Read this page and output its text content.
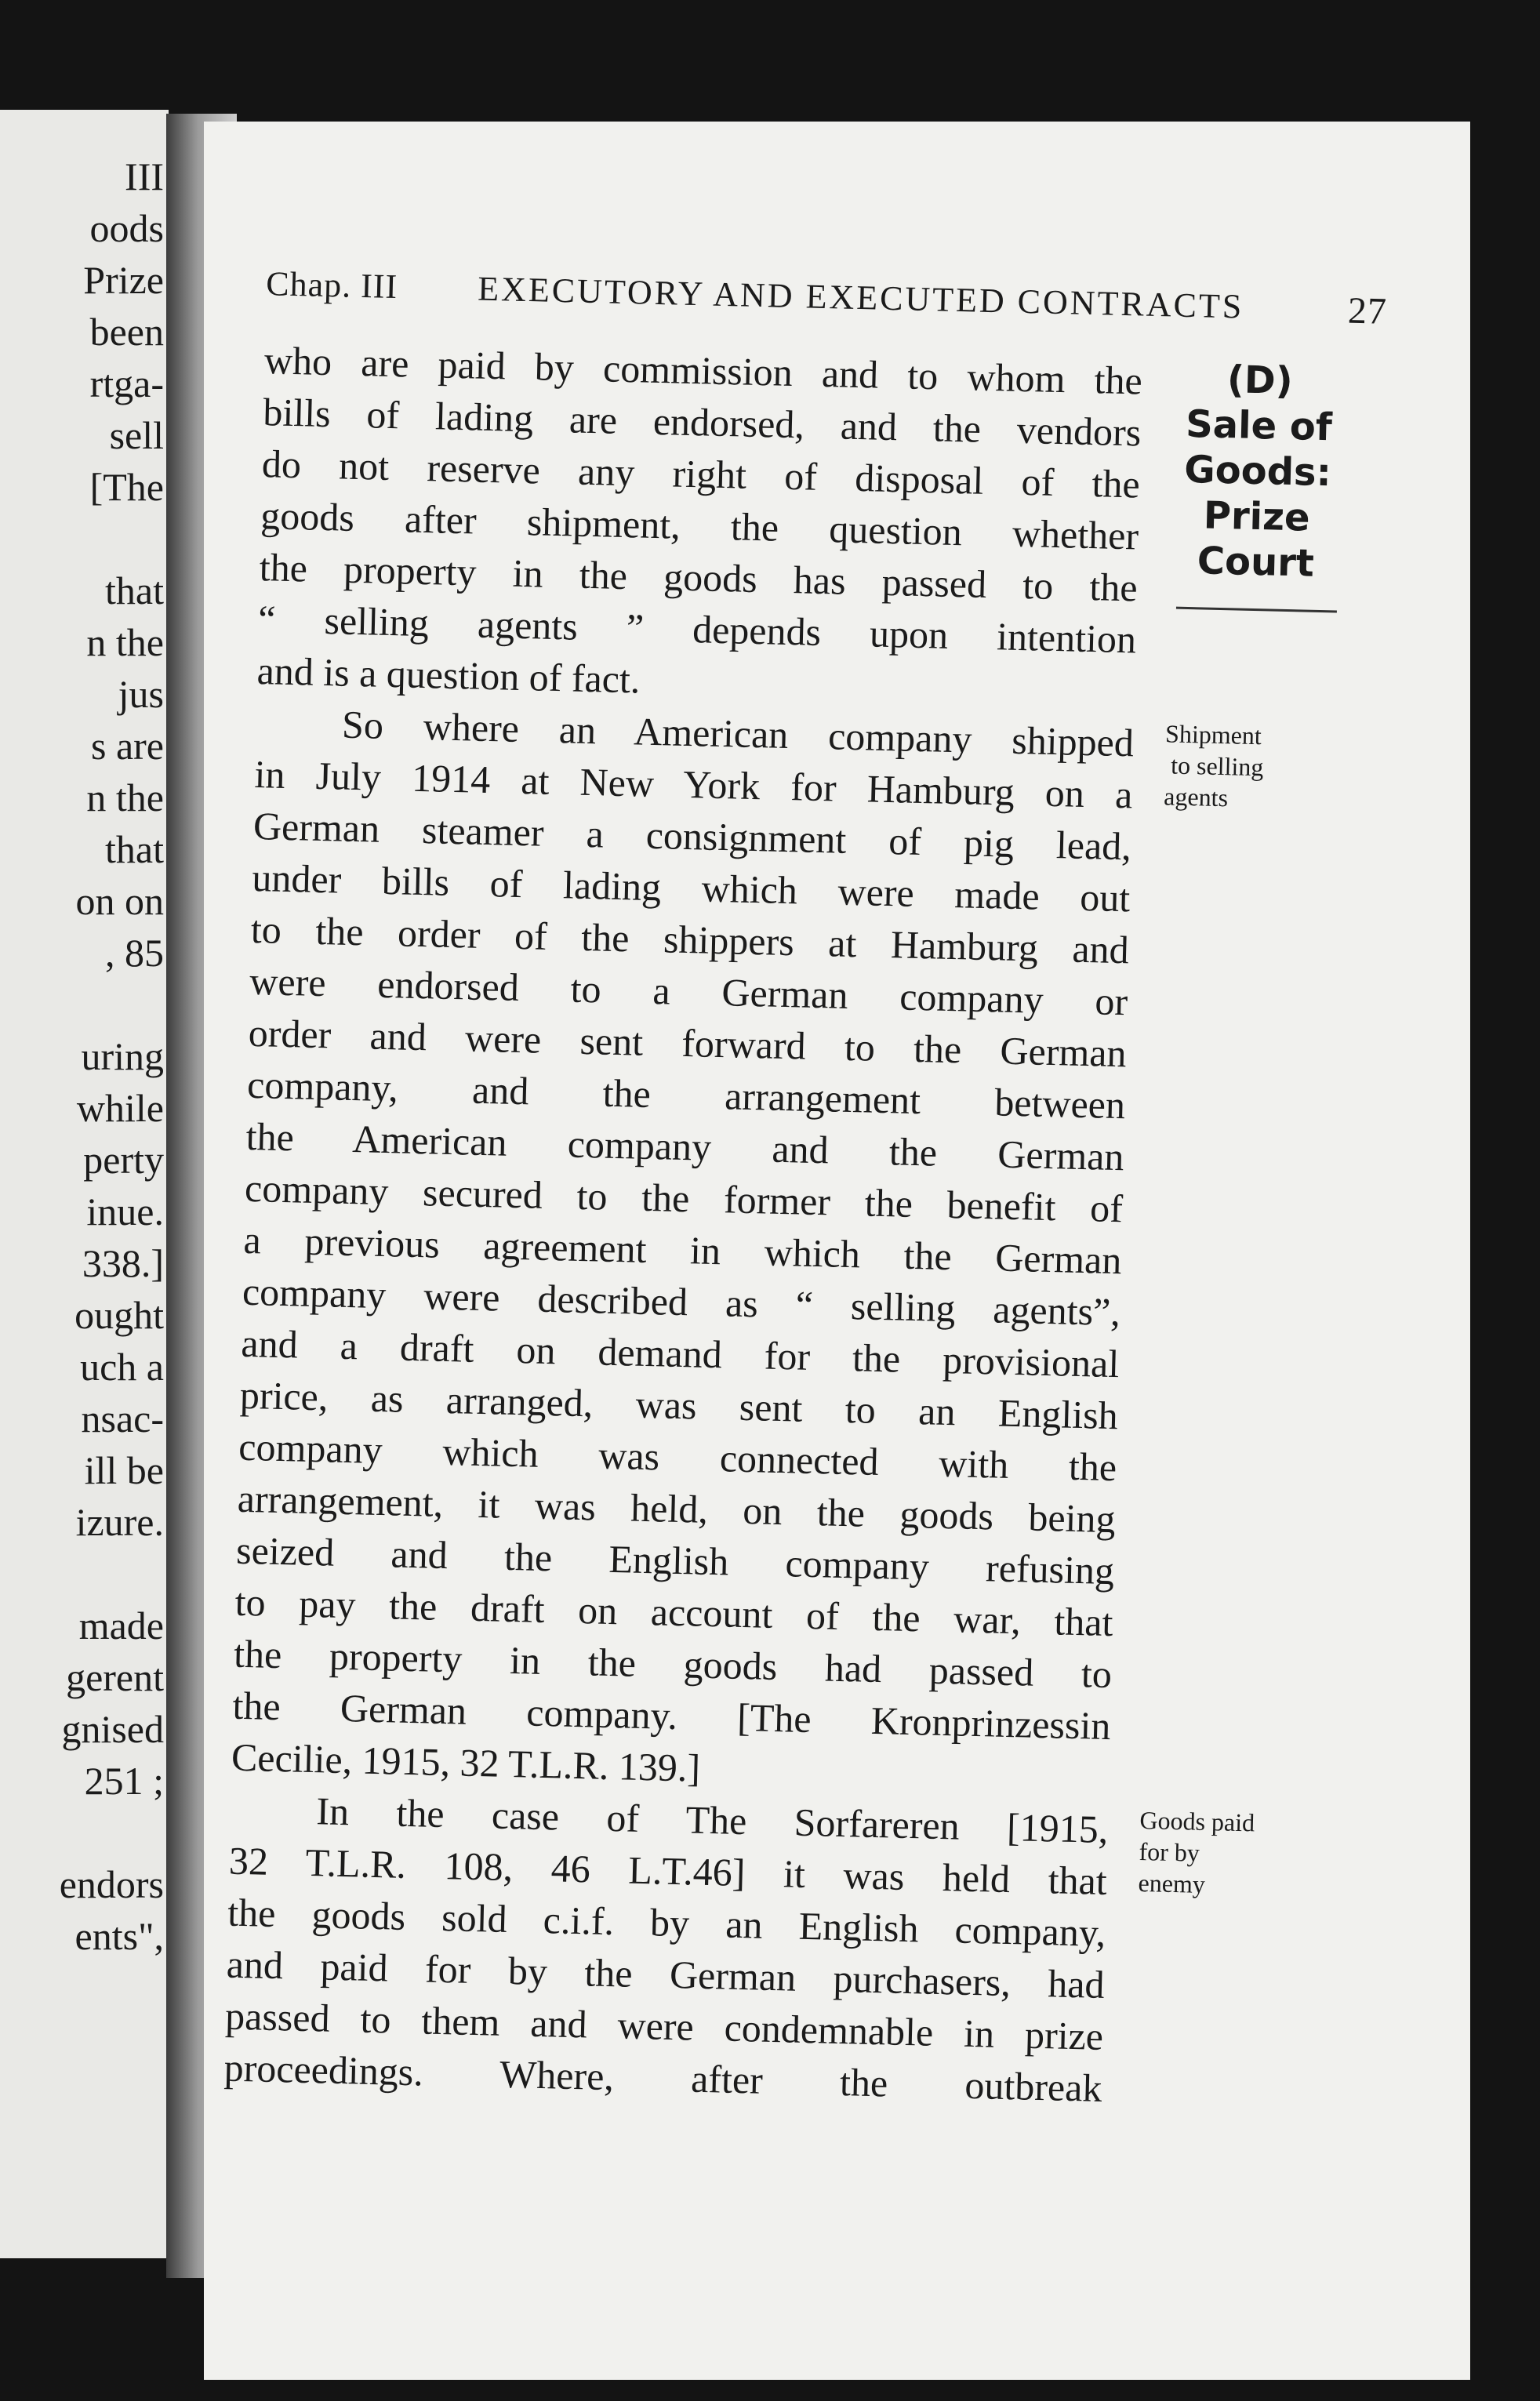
III
oods
Prize
been
rtga-
sell
[The
that
n the
jus
s are
n the
that
on on
, 85
uring
while
perty
inue.
338.]
ought
uch a
nsac-
ill be
izure.
made
gerent
gnised
251 ;
endors
ents",
Chap. III EXECUTORY AND EXECUTED CONTRACTS	27
who are paid by commission and to whom the
bills of lading are endorsed, and the vendors
do not reserve any right of disposal of the
goods after shipment, the question whether
the property in the goods has passed to the
“ selling agents ” depends upon intention
and is a question of fact.
So where an American company shipped
in July 1914 at New York for Hamburg on a
German steamer a consignment of pig lead,
under bills of lading which were made out
to the order of the shippers at Hamburg and
were endorsed to a German company or
order and were sent forward to the German
company, and the arrangement between
the American company and the German
company secured to the former the benefit of
a previous agreement in which the German
company were described as “ selling agents”,
and a draft on demand for the provisional
price, as arranged, was sent to an English
company which was connected with the
arrangement, it was held, on the goods being
seized and the English company refusing
to pay the draft on account of the war, that
the property in the goods had passed to
the German company. [The Kronprinzessin
Cecilie, 1915, 32 T.L.R. 139.]
In the case of The Sorfareren [1915,
32 T.L.R. 108, 46 L.T.46] it was held that
the goods sold c.i.f. by an English company,
and paid for by the German purchasers, had
passed to them and were condemnable in prize
proceedings. Where, after the outbreak
(D)
Sale of
Goods:
Prize
Court
Shipment
to selling
agents
Goods paid
for by
enemy
